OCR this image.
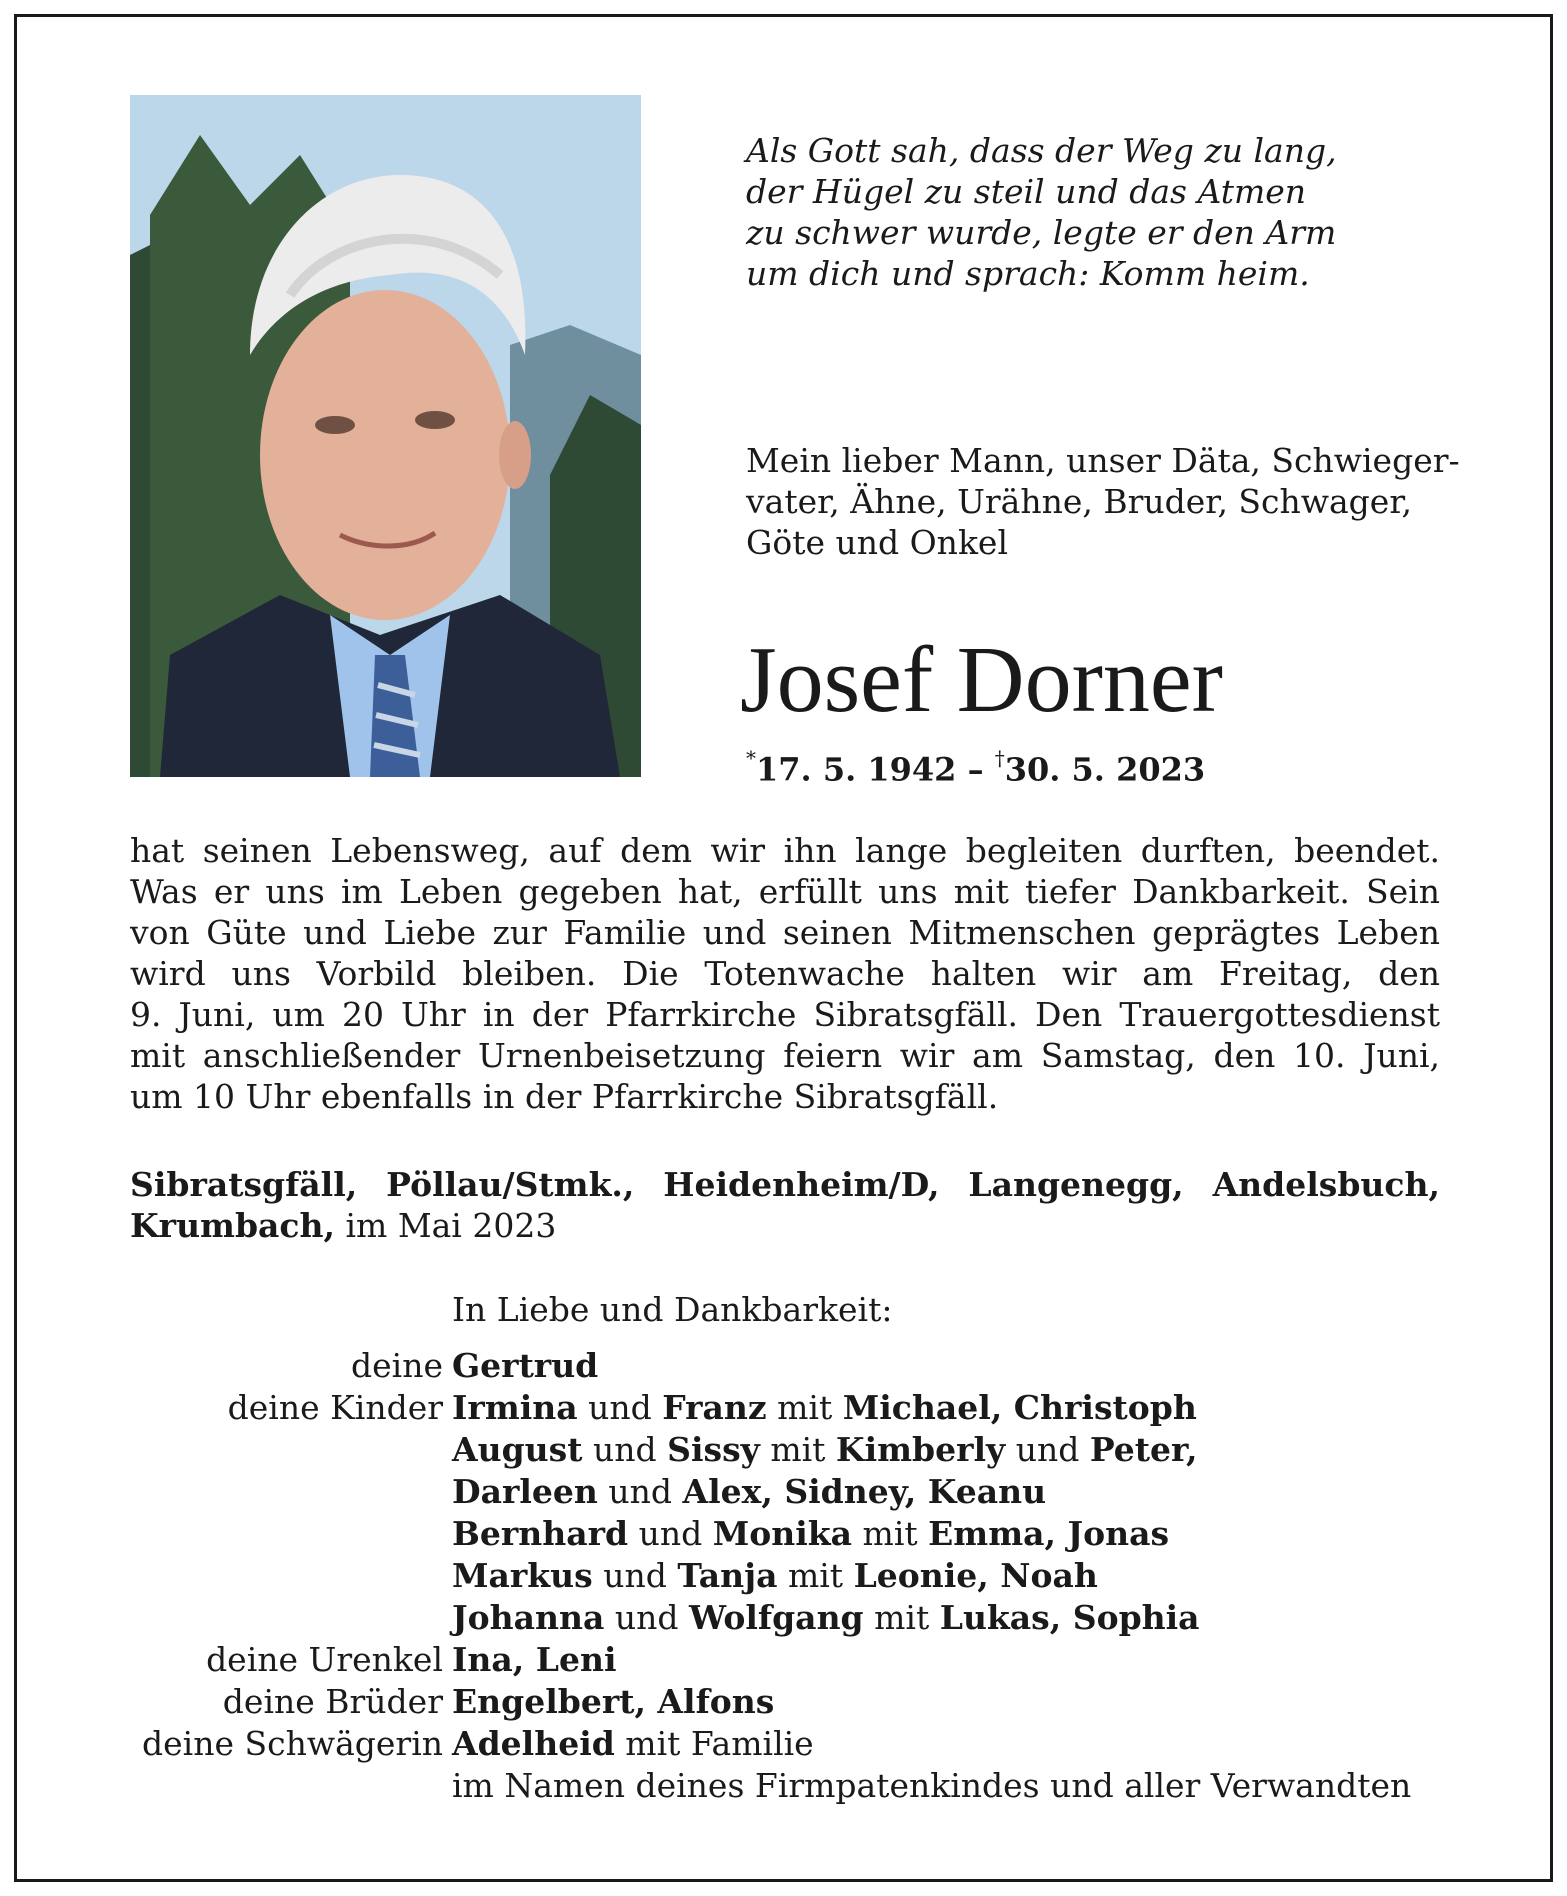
Als Gott sah, dass der Weg zu lang,
der Hügel zu steil und das Atmen
zu schwer wurde, legte er den Arm
um dich und sprach: Komm heim.
Mein lieber Mann, unser Däta, Schwieger-
vater, Ähne, Urähne, Bruder, Schwager,
Göte und Onkel
Josef Dorner
*17. 5. 1942 – †30. 5. 2023
hat seinen Lebensweg, auf dem wir ihn lange begleiten durften, beendet.
Was er uns im Leben gegeben hat, erfüllt uns mit tiefer Dankbarkeit. Sein
von Güte und Liebe zur Familie und seinen Mitmenschen geprägtes Leben
wird uns Vorbild bleiben. Die Totenwache halten wir am Freitag, den
9. Juni, um 20 Uhr in der Pfarrkirche Sibratsgfäll. Den Trauergottesdienst
mit anschließender Urnenbeisetzung feiern wir am Samstag, den 10. Juni,
um 10 Uhr ebenfalls in der Pfarrkirche Sibratsgfäll.
Sibratsgfäll, Pöllau/Stmk., Heidenheim/D, Langenegg, Andelsbuch,
Krumbach, im Mai 2023
In Liebe und Dankbarkeit:
deine Gertrud
deine Kinder Irmina und Franz mit Michael, Christoph
August und Sissy mit Kimberly und Peter,
Darleen und Alex, Sidney, Keanu
Bernhard und Monika mit Emma, Jonas
Markus und Tanja mit Leonie, Noah
Johanna und Wolfgang mit Lukas, Sophia
deine Urenkel Ina, Leni
deine Brüder Engelbert, Alfons
deine Schwägerin Adelheid mit Familie
im Namen deines Firmpatenkindes und aller Verwandten
